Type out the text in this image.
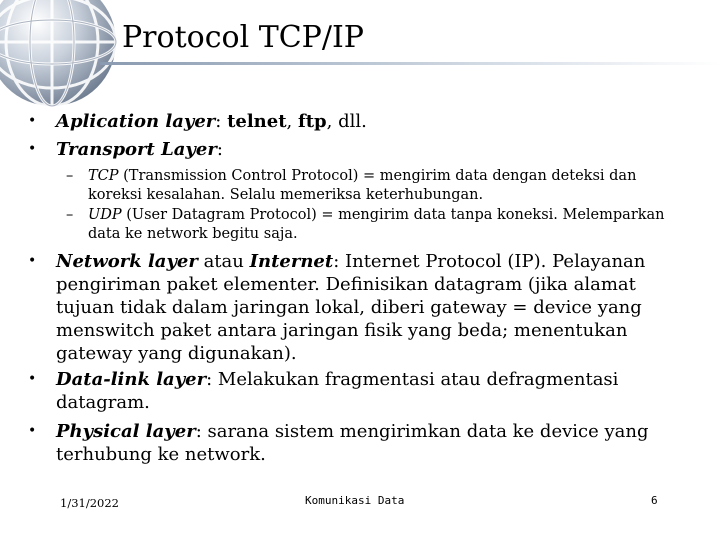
Protocol TCP/IP
• Aplication layer: telnet, ftp, dll.
• Transport Layer:
– TCP (Transmission Control Protocol) = mengirim data dengan deteksi dan koreksi kesalahan. Selalu memeriksa keterhubungan.
– UDP (User Datagram Protocol) = mengirim data tanpa koneksi. Melemparkan data ke network begitu saja.
• Network layer atau Internet: Internet Protocol (IP). Pelayanan pengiriman paket elementer. Definisikan datagram (jika alamat tujuan tidak dalam jaringan lokal, diberi gateway = device yang menswitch paket antara jaringan fisik yang beda; menentukan gateway yang digunakan).
• Data-link layer: Melakukan fragmentasi atau defragmentasi datagram.
• Physical layer: sarana sistem mengirimkan data ke device yang terhubung ke network.
1/31/2022	Komunikasi Data	6
